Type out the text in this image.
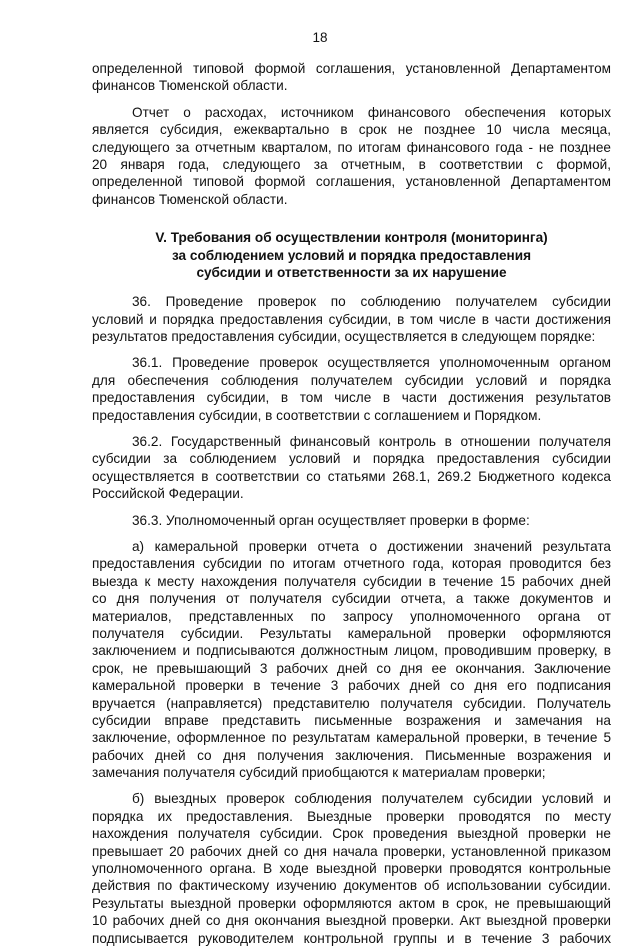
18
определенной типовой формой соглашения, установленной Департаментом
финансов Тюменской области.
Отчет о расходах, источником финансового обеспечения которых
является субсидия, ежеквартально в срок не позднее 10 числа месяца,
следующего за отчетным кварталом, по итогам финансового года - не позднее
20 января года, следующего за отчетным, в соответствии с формой,
определенной типовой формой соглашения, установленной Департаментом
финансов Тюменской области.
V. Требования об осуществлении контроля (мониторинга)
за соблюдением условий и порядка предоставления
субсидии и ответственности за их нарушение
36. Проведение проверок по соблюдению получателем субсидии
условий и порядка предоставления субсидии, в том числе в части достижения
результатов предоставления субсидии, осуществляется в следующем порядке:
36.1. Проведение проверок осуществляется уполномоченным органом
для обеспечения соблюдения получателем субсидии условий и порядка
предоставления субсидии, в том числе в части достижения результатов
предоставления субсидии, в соответствии с соглашением и Порядком.
36.2. Государственный финансовый контроль в отношении получателя
субсидии за соблюдением условий и порядка предоставления субсидии
осуществляется в соответствии со статьями 268.1, 269.2 Бюджетного кодекса
Российской Федерации.
36.3. Уполномоченный орган осуществляет проверки в форме:
а) камеральной проверки отчета о достижении значений результата
предоставления субсидии по итогам отчетного года, которая проводится без
выезда к месту нахождения получателя субсидии в течение 15 рабочих дней
со дня получения от получателя субсидии отчета, а также документов и
материалов, представленных по запросу уполномоченного органа от
получателя субсидии. Результаты камеральной проверки оформляются
заключением и подписываются должностным лицом, проводившим проверку, в
срок, не превышающий 3 рабочих дней со дня ее окончания. Заключение
камеральной проверки в течение 3 рабочих дней со дня его подписания
вручается (направляется) представителю получателя субсидии. Получатель
субсидии вправе представить письменные возражения и замечания на
заключение, оформленное по результатам камеральной проверки, в течение 5
рабочих дней со дня получения заключения. Письменные возражения и
замечания получателя субсидий приобщаются к материалам проверки;
б) выездных проверок соблюдения получателем субсидии условий и
порядка их предоставления. Выездные проверки проводятся по месту
нахождения получателя субсидии. Срок проведения выездной проверки не
превышает 20 рабочих дней со дня начала проверки, установленной приказом
уполномоченного органа. В ходе выездной проверки проводятся контрольные
действия по фактическому изучению документов об использовании субсидии.
Результаты выездной проверки оформляются актом в срок, не превышающий
10 рабочих дней со дня окончания выездной проверки. Акт выездной проверки
подписывается руководителем контрольной группы и в течение 3 рабочих
